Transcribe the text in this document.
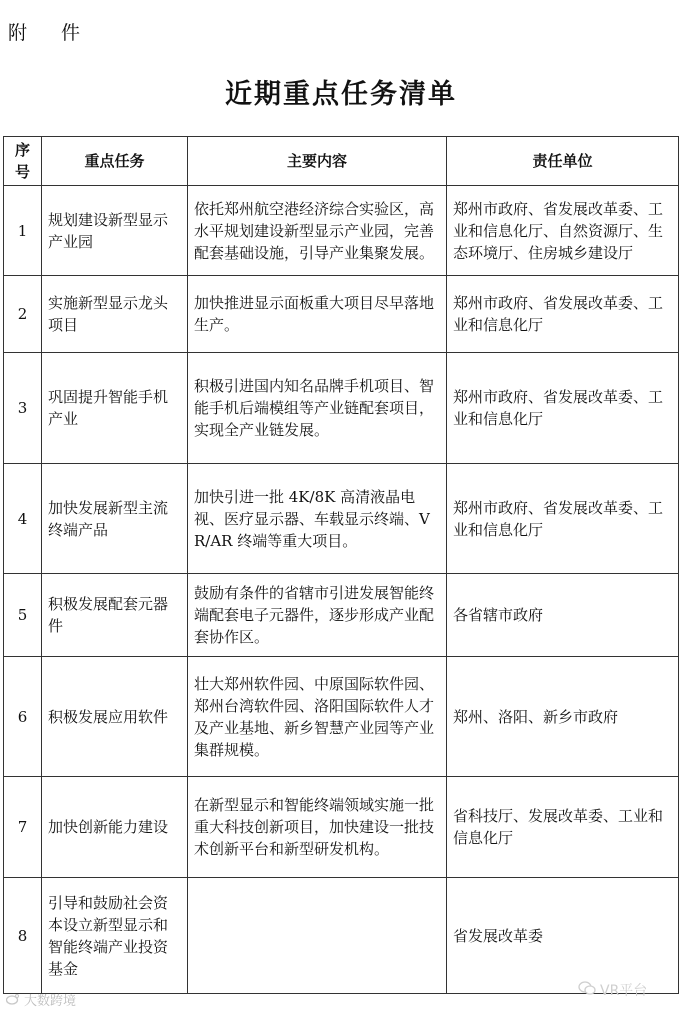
附 件
近期重点任务清单
序号	重点任务	主要内容	责任单位
1	规划建设新型显示产业园	依托郑州航空港经济综合实验区，高水平规划建设新型显示产业园，完善配套基础设施，引导产业集聚发展。	郑州市政府、省发展改革委、工业和信息化厅、自然资源厅、生态环境厅、住房城乡建设厅
2	实施新型显示龙头项目	加快推进显示面板重大项目尽早落地生产。	郑州市政府、省发展改革委、工业和信息化厅
3	巩固提升智能手机产业	积极引进国内知名品牌手机项目、智能手机后端模组等产业链配套项目，实现全产业链发展。	郑州市政府、省发展改革委、工业和信息化厅
4	加快发展新型主流终端产品	加快引进一批 4K/8K 高清液晶电视、医疗显示器、车载显示终端、VR/AR 终端等重大项目。	郑州市政府、省发展改革委、工业和信息化厅
5	积极发展配套元器件	鼓励有条件的省辖市引进发展智能终端配套电子元器件，逐步形成产业配套协作区。	各省辖市政府
6	积极发展应用软件	壮大郑州软件园、中原国际软件园、郑州台湾软件园、洛阳国际软件人才及产业基地、新乡智慧产业园等产业集群规模。	郑州、洛阳、新乡市政府
7	加快创新能力建设	在新型显示和智能终端领域实施一批重大科技创新项目，加快建设一批技术创新平台和新型研发机构。	省科技厅、发展改革委、工业和信息化厅
8	引导和鼓励社会资本设立新型显示和智能终端产业投资基金		省发展改革委
大数跨境
VR平台
